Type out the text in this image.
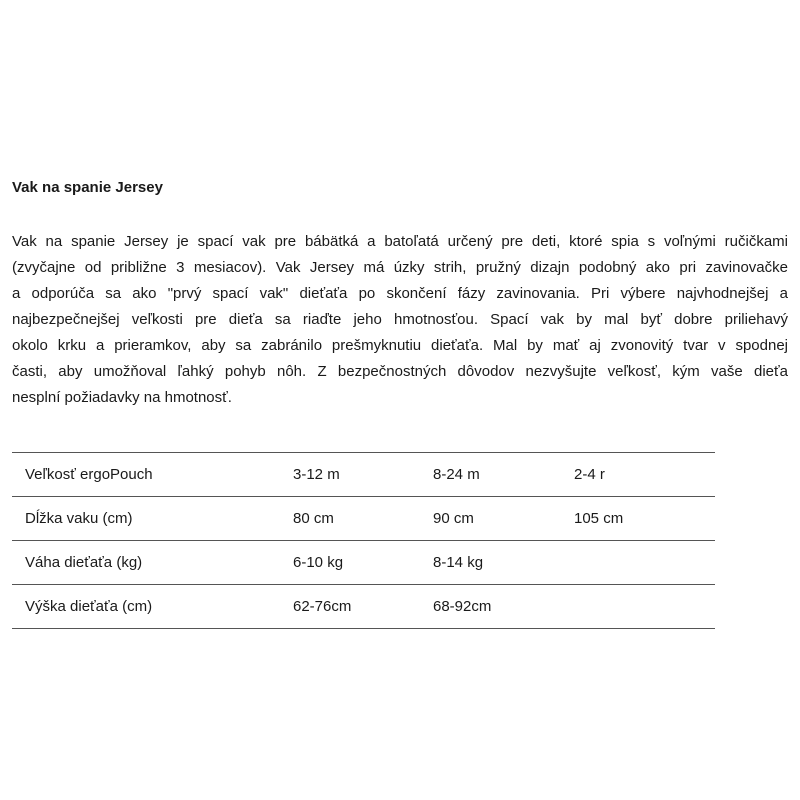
Vak na spanie Jersey
Vak na spanie Jersey je spací vak pre bábätká a batoľatá určený pre deti, ktoré spia s voľnými ručičkami
(zvyčajne od približne 3 mesiacov). Vak Jersey má úzky strih, pružný dizajn podobný ako pri zavinovačke
a odporúča sa ako "prvý spací vak" dieťaťa po skončení fázy zavinovania. Pri výbere najvhodnejšej a
najbezpečnejšej veľkosti pre dieťa sa riaďte jeho hmotnosťou. Spací vak by mal byť dobre priliehavý
okolo krku a prieramkov, aby sa zabránilo prešmyknutiu dieťaťa. Mal by mať aj zvonovitý tvar v spodnej
časti, aby umožňoval ľahký pohyb nôh. Z bezpečnostných dôvodov nezvyšujte veľkosť, kým vaše dieťa
nesplní požiadavky na hmotnosť.
Veľkosť ergoPouch	3-12 m	8-24 m	2-4 r
Dĺžka vaku (cm)	80 cm	90 cm	105 cm
Váha dieťaťa (kg)	6-10 kg	8-14 kg	
Výška dieťaťa (cm)	62-76cm	68-92cm	
